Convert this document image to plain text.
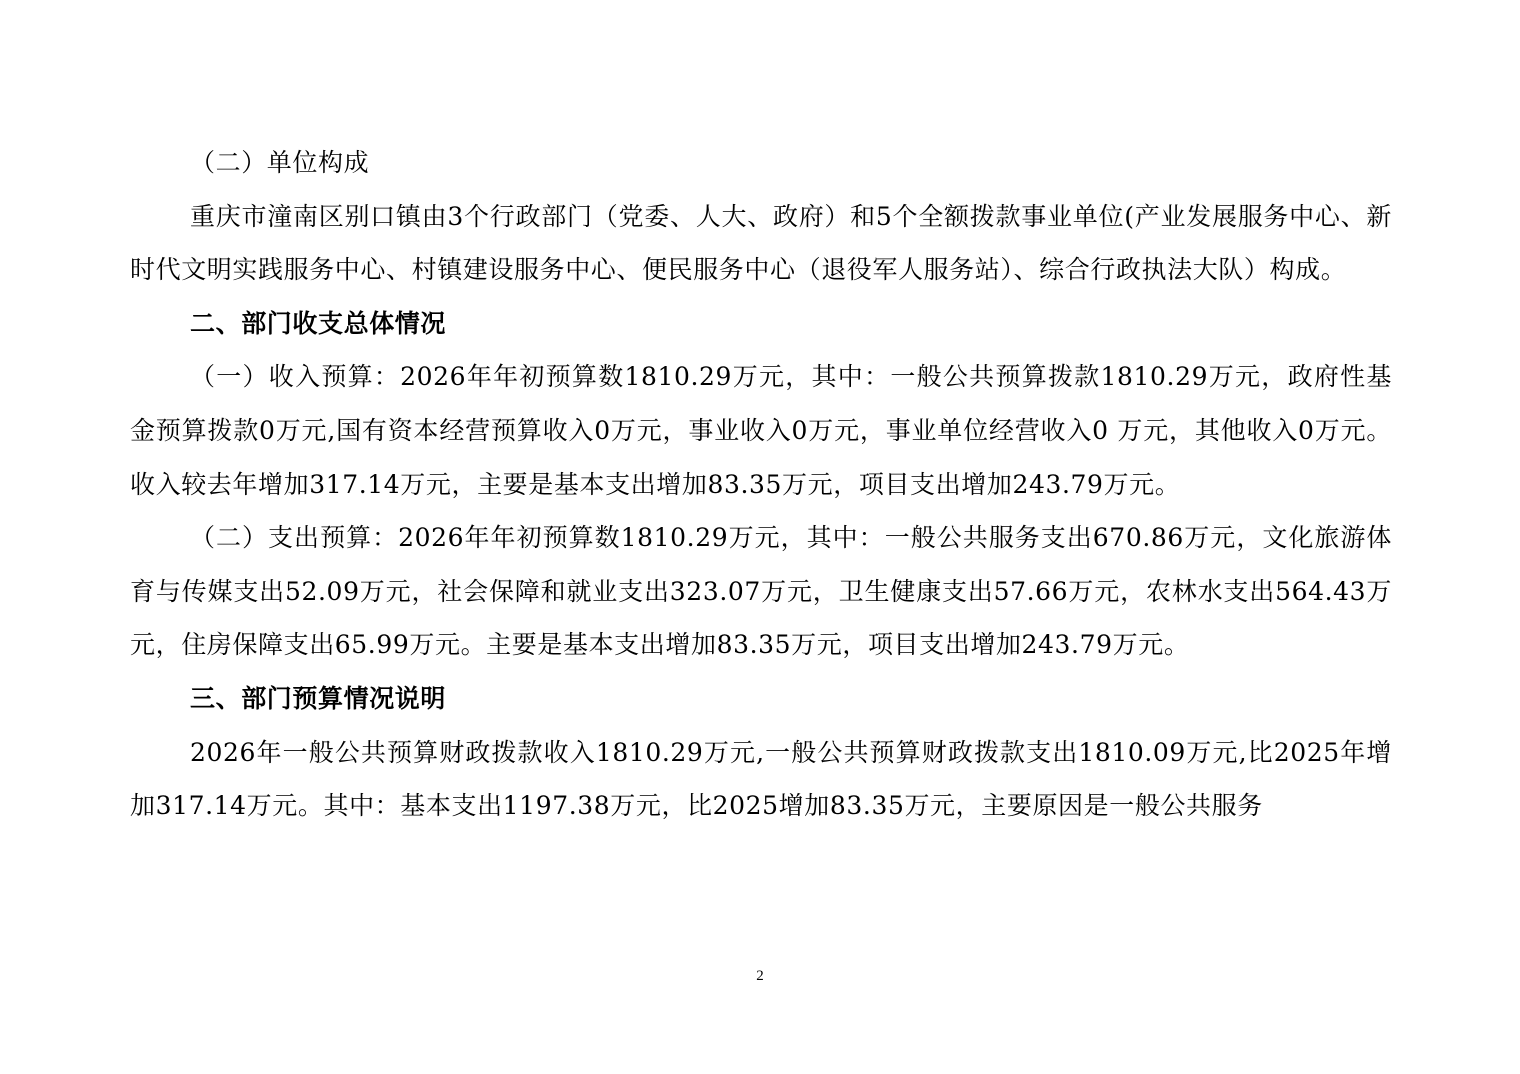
（二）单位构成

重庆市潼南区别口镇由3个行政部门（党委、人大、政府）和5个全额拨款事业单位(产业发展服务中心、新时代文明实践服务中心、村镇建设服务中心、便民服务中心（退役军人服务站）、综合行政执法大队）构成。

二、部门收支总体情况

（一）收入预算：2026年年初预算数1810.29万元，其中：一般公共预算拨款1810.29万元，政府性基金预算拨款0万元,国有资本经营预算收入0万元，事业收入0万元，事业单位经营收入0 万元，其他收入0万元。收入较去年增加317.14万元，主要是基本支出增加83.35万元，项目支出增加243.79万元。

（二）支出预算：2026年年初预算数1810.29万元，其中：一般公共服务支出670.86万元，文化旅游体育与传媒支出52.09万元，社会保障和就业支出323.07万元，卫生健康支出57.66万元，农林水支出564.43万元，住房保障支出65.99万元。主要是基本支出增加83.35万元，项目支出增加243.79万元。

三、部门预算情况说明

2026年一般公共预算财政拨款收入1810.29万元,一般公共预算财政拨款支出1810.09万元,比2025年增加317.14万元。其中：基本支出1197.38万元，比2025增加83.35万元，主要原因是一般公共服务

2
